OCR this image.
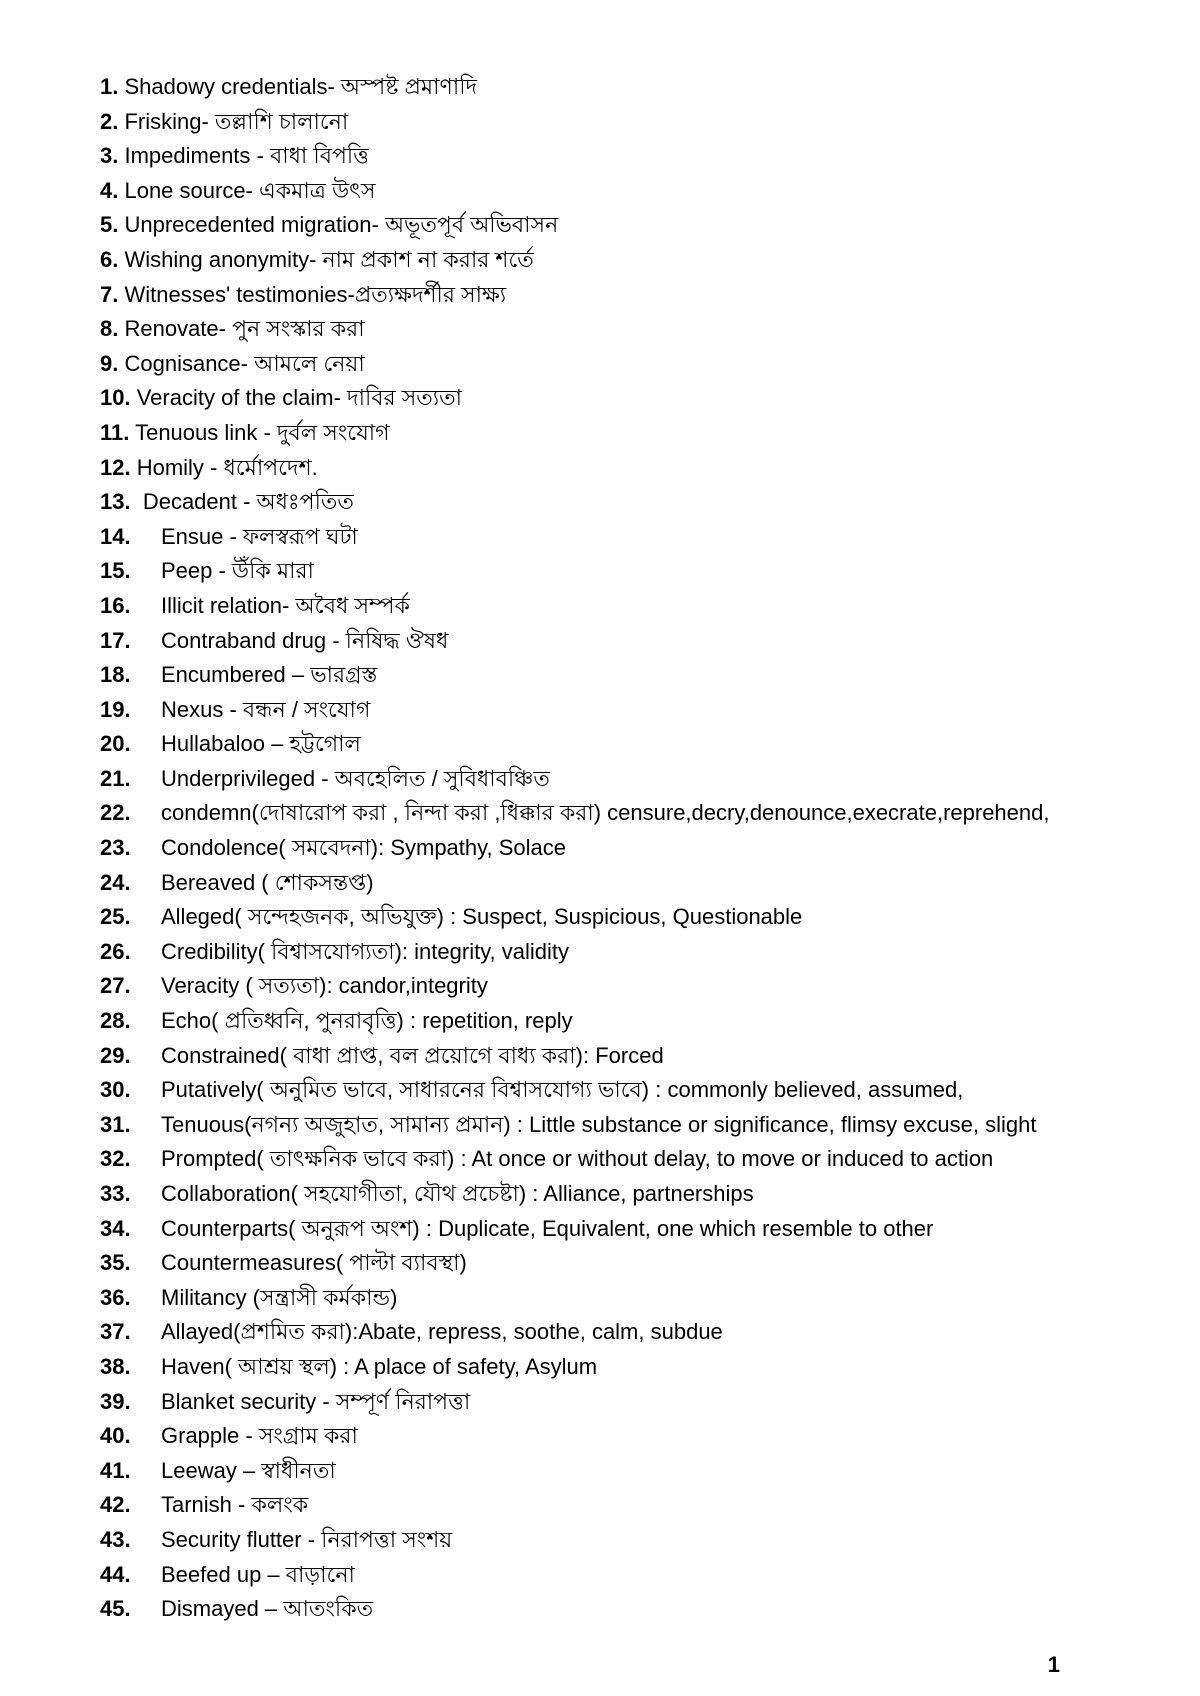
1. Shadowy credentials- অস্পষ্ট প্রমাণাদি
2. Frisking- তল্লাশি চালানো
3. Impediments - বাধা বিপত্তি
4. Lone source- একমাত্র উৎস
5. Unprecedented migration- অভূতপূর্ব অভিবাসন
6. Wishing anonymity- নাম প্রকাশ না করার শর্তে
7. Witnesses' testimonies-প্রত্যক্ষদর্শীর সাক্ষ্য
8. Renovate- পুন সংস্কার করা
9. Cognisance- আমলে নেয়া
10. Veracity of the claim- দাবির সত্যতা
11. Tenuous link - দুর্বল সংযোগ
12. Homily - ধর্মোপদেশ.
13. Decadent - অধঃপতিত
14.	Ensue - ফলস্বরূপ ঘটা
15.	Peep - উঁকি মারা
16.	Illicit relation- অবৈধ সম্পর্ক
17.	Contraband drug - নিষিদ্ধ ঔষধ
18.	Encumbered – ভারগ্রস্ত
19.	Nexus - বন্ধন / সংযোগ
20.	Hullabaloo – হট্টগোল
21.	Underprivileged - অবহেলিত / সুবিধাবঞ্চিত
22.	condemn(দোষারোপ করা , নিন্দা করা ,ধিক্কার করা) censure,decry,denounce,execrate,reprehend,
23.	Condolence( সমবেদনা): Sympathy, Solace
24.	Bereaved ( শোকসন্তপ্ত)
25.	Alleged( সন্দেহজনক, অভিযুক্ত) : Suspect, Suspicious, Questionable
26.	Credibility( বিশ্বাসযোগ্যতা): integrity, validity
27.	Veracity ( সত্যতা): candor,integrity
28.	Echo( প্রতিধ্বনি, পুনরাবৃত্তি) : repetition, reply
29.	Constrained( বাধা প্রাপ্ত, বল প্রয়োগে বাধ্য করা): Forced
30.	Putatively( অনুমিত ভাবে, সাধারনের বিশ্বাসযোগ্য ভাবে) : commonly believed, assumed,
31.	Tenuous(নগন্য অজুহাত, সামান্য প্রমান) : Little substance or significance, flimsy excuse, slight
32.	Prompted( তাৎক্ষনিক ভাবে করা) : At once or without delay, to move or induced to action
33.	Collaboration( সহযোগীতা, যৌথ প্রচেষ্টা) : Alliance, partnerships
34.	Counterparts( অনুরূপ অংশ) : Duplicate, Equivalent, one which resemble to other
35.	Countermeasures( পাল্টা ব্যাবস্থা)
36.	Militancy (সন্ত্রাসী কর্মকান্ড)
37.	Allayed(প্রশমিত করা):Abate, repress, soothe, calm, subdue
38.	Haven( আশ্রয় স্থল) : A place of safety, Asylum
39.	Blanket security - সম্পূর্ণ নিরাপত্তা
40.	Grapple - সংগ্রাম করা
41.	Leeway – স্বাধীনতা
42.	Tarnish - কলংক
43.	Security flutter - নিরাপত্তা সংশয়
44.	Beefed up – বাড়ানো
45.	Dismayed – আতংকিত
1
